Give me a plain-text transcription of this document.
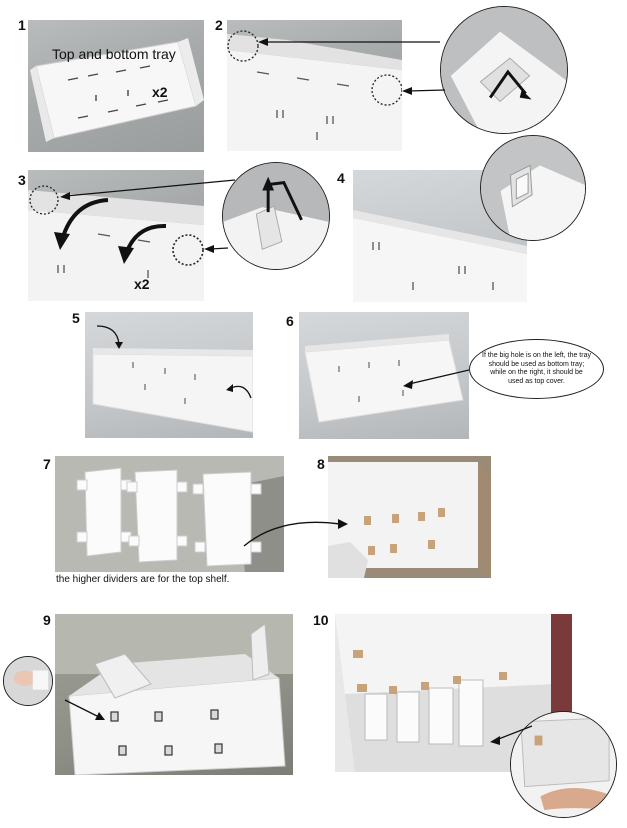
1
Top and bottom tray
x2
2
3
x2
4
5	6
If the big hole is on the left, the tray should be used as bottom tray; while on the right, it should be used as top cover.
7
the higher dividers are for the top shelf.
8
9	10
